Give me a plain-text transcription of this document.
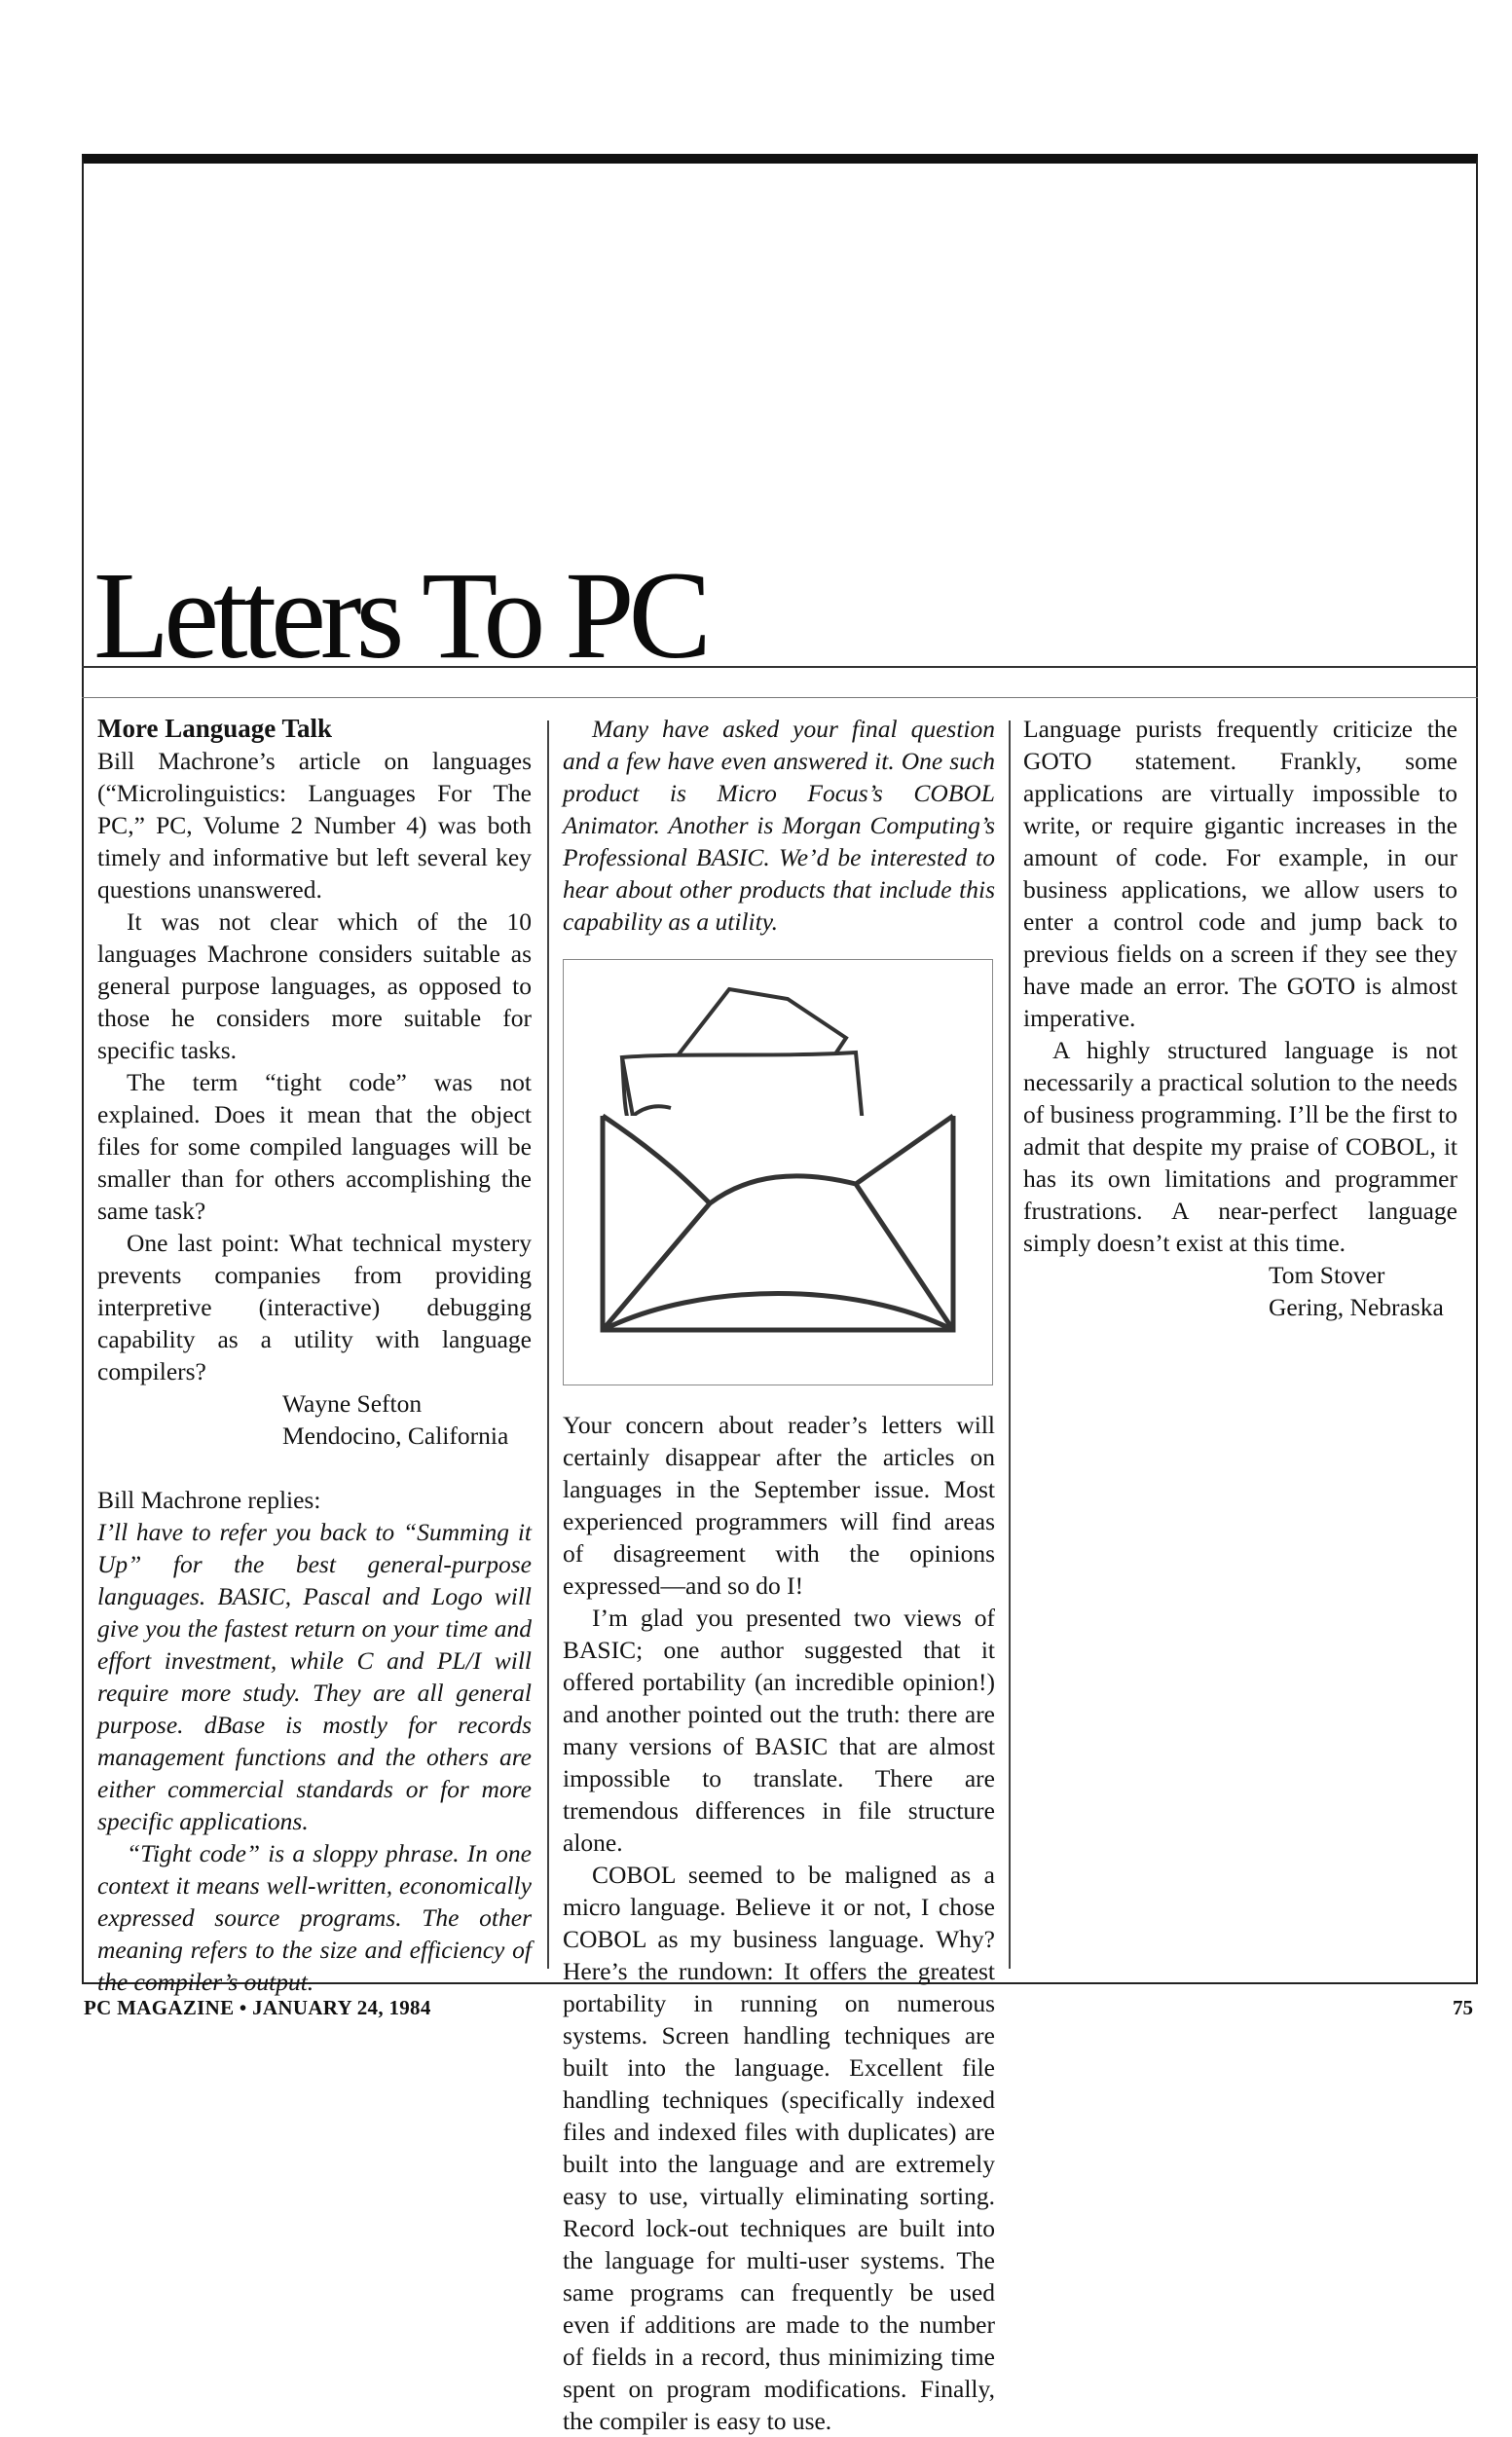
Letters To PC

More Language Talk

Bill Machrone’s article on languages (“Microlinguistics: Languages For The PC,” PC, Volume 2 Number 4) was both timely and informative but left several key questions unanswered.

It was not clear which of the 10 languages Machrone considers suitable as general purpose languages, as opposed to those he considers more suitable for specific tasks.

The term “tight code” was not explained. Does it mean that the object files for some compiled languages will be smaller than for others accomplishing the same task?

One last point: What technical mystery prevents companies from providing interpretive (interactive) debugging capability as a utility with language compilers?

Wayne Sefton

Mendocino, California

Bill Machrone replies:

I’ll have to refer you back to “Summing it Up” for the best general-purpose languages. BASIC, Pascal and Logo will give you the fastest return on your time and effort investment, while C and PL/I will require more study. They are all general purpose. dBase is mostly for records management functions and the others are either commercial standards or for more specific applications.

“Tight code” is a sloppy phrase. In one context it means well-written, economically expressed source programs. The other meaning refers to the size and efficiency of the compiler’s output.

Many have asked your final question and a few have even answered it. One such product is Micro Focus’s COBOL Animator. Another is Morgan Computing’s Professional BASIC. We’d be interested to hear about other products that include this capability as a utility.

Your concern about reader’s letters will certainly disappear after the articles on languages in the September issue. Most experienced programmers will find areas of disagreement with the opinions expressed—and so do I!

I’m glad you presented two views of BASIC; one author suggested that it offered portability (an incredible opinion!) and another pointed out the truth: there are many versions of BASIC that are almost impossible to translate. There are tremendous differences in file structure alone.

COBOL seemed to be maligned as a micro language. Believe it or not, I chose COBOL as my business language. Why? Here’s the rundown: It offers the greatest portability in running on numerous systems. Screen handling techniques are built into the language. Excellent file handling techniques (specifically indexed files and indexed files with duplicates) are built into the language and are extremely easy to use, virtually eliminating sorting. Record lock-out techniques are built into the language for multi-user systems. The same programs can frequently be used even if additions are made to the number of fields in a record, thus minimizing time spent on program modifications. Finally, the compiler is easy to use.

Language purists frequently criticize the GOTO statement. Frankly, some applications are virtually impossible to write, or require gigantic increases in the amount of code. For example, in our business applications, we allow users to enter a control code and jump back to previous fields on a screen if they see they have made an error. The GOTO is almost imperative.

A highly structured language is not necessarily a practical solution to the needs of business programming. I’ll be the first to admit that despite my praise of COBOL, it has its own limitations and programmer frustrations. A near-perfect language simply doesn’t exist at this time.

Tom Stover

Gering, Nebraska

PC MAGAZINE • JANUARY 24, 1984	75
